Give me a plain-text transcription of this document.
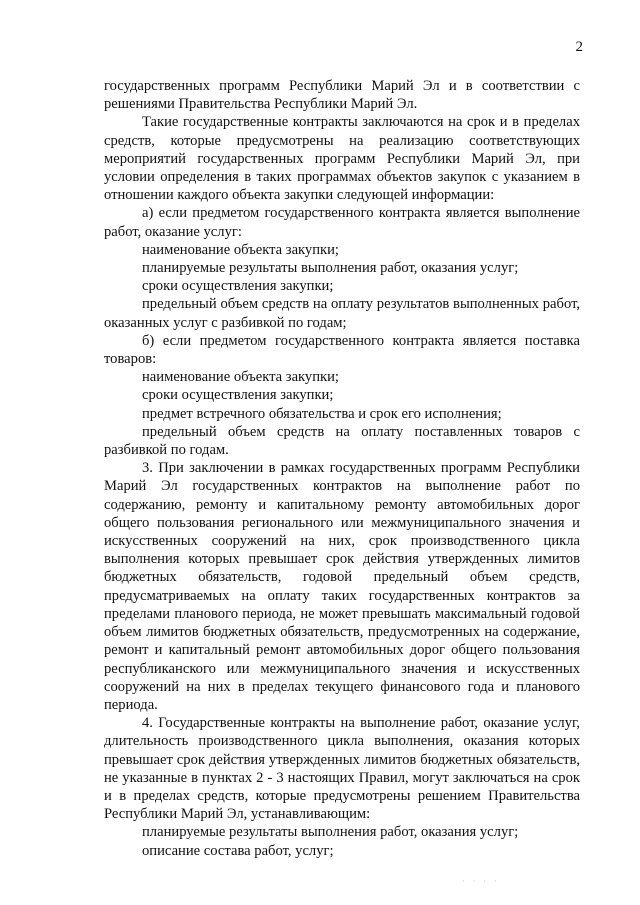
2

государственных программ Республики Марий Эл и в соответствии с решениями Правительства Республики Марий Эл.

Такие государственные контракты заключаются на срок и в пределах средств, которые предусмотрены на реализацию соответствующих мероприятий государственных программ Республики Марий Эл, при условии определения в таких программах объектов закупок с указанием в отношении каждого объекта закупки следующей информации:

а) если предметом государственного контракта является выполнение работ, оказание услуг:

наименование объекта закупки;

планируемые результаты выполнения работ, оказания услуг;

сроки осуществления закупки;

предельный объем средств на оплату результатов выполненных работ, оказанных услуг с разбивкой по годам;

б) если предметом государственного контракта является поставка товаров:

наименование объекта закупки;

сроки осуществления закупки;

предмет встречного обязательства и срок его исполнения;

предельный объем средств на оплату поставленных товаров с разбивкой по годам.

3. При заключении в рамках государственных программ Республики Марий Эл государственных контрактов на выполнение работ по содержанию, ремонту и капитальному ремонту автомобильных дорог общего пользования регионального или межмуниципального значения и искусственных сооружений на них, срок производственного цикла выполнения которых превышает срок действия утвержденных лимитов бюджетных обязательств, годовой предельный объем средств, предусматриваемых на оплату таких государственных контрактов за пределами планового периода, не может превышать максимальный годовой объем лимитов бюджетных обязательств, предусмотренных на содержание, ремонт и капитальный ремонт автомобильных дорог общего пользования республиканского или межмуниципального значения и искусственных сооружений на них в пределах текущего финансового года и планового периода.

4. Государственные контракты на выполнение работ, оказание услуг, длительность производственного цикла выполнения, оказания которых превышает срок действия утвержденных лимитов бюджетных обязательств, не указанные в пунктах 2 - 3 настоящих Правил, могут заключаться на срок и в пределах средств, которые предусмотрены решением Правительства Республики Марий Эл, устанавливающим:

планируемые результаты выполнения работ, оказания услуг;

описание состава работ, услуг;

· · · ·
